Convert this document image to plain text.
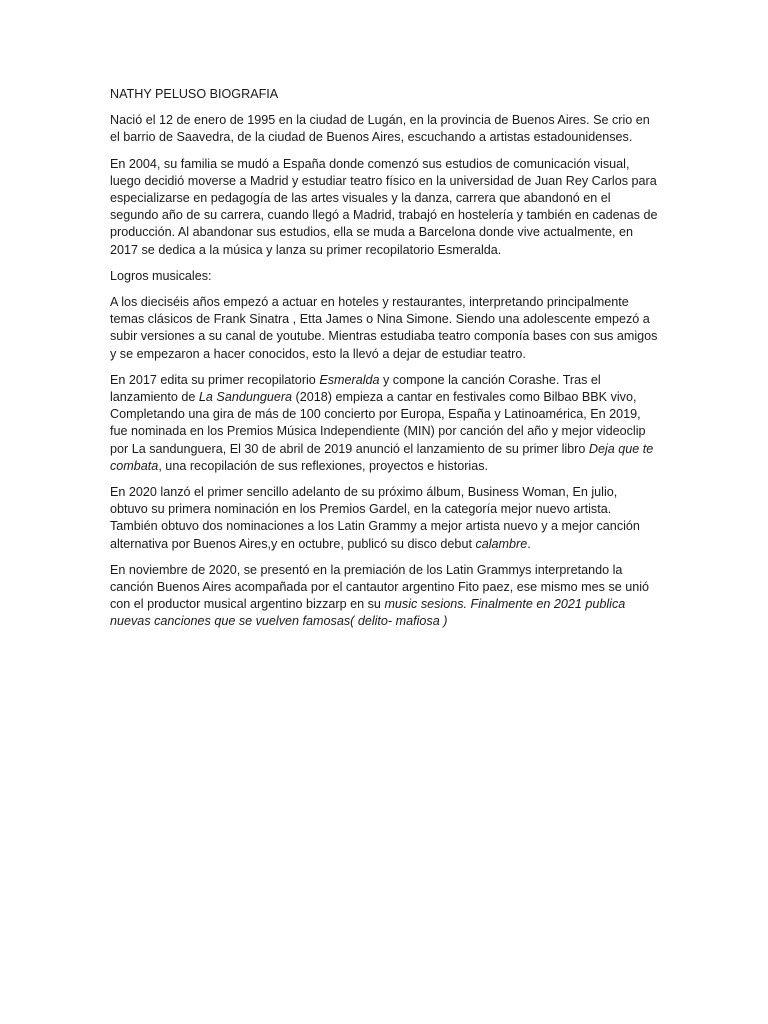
NATHY PELUSO BIOGRAFIA

Nació el 12 de enero de 1995 en la ciudad de Lugán, en la provincia de Buenos Aires. Se crio en el barrio de Saavedra, de la ciudad de Buenos Aires, escuchando a artistas estadounidenses.

En 2004, su familia se mudó a España donde comenzó sus estudios de comunicación visual, luego decidió moverse a Madrid y estudiar teatro físico en la universidad de Juan Rey Carlos para especializarse en pedagogía de las artes visuales y la danza, carrera que abandonó en el segundo año de su carrera, cuando llegó a Madrid, trabajó en hostelería y también en cadenas de producción. Al abandonar sus estudios, ella se muda a Barcelona donde vive actualmente, en 2017 se dedica a la música y lanza su primer recopilatorio Esmeralda.

Logros musicales:

A los dieciséis años empezó a actuar en hoteles y restaurantes, interpretando principalmente temas clásicos de Frank Sinatra , Etta James o Nina Simone. Siendo una adolescente empezó a subir versiones a su canal de youtube. Mientras estudiaba teatro componía bases con sus amigos y se empezaron a hacer conocidos, esto la llevó a dejar de estudiar teatro.

En 2017 edita su primer recopilatorio Esmeralda y compone la canción Corashe. Tras el lanzamiento de La Sandunguera (2018) empieza a cantar en festivales como Bilbao BBK vivo, Completando una gira de más de 100 concierto por Europa, España y Latinoamérica, En 2019, fue nominada en los Premios Música Independiente (MIN) por canción del año y mejor videoclip por La sandunguera, El 30 de abril de 2019 anunció el lanzamiento de su primer libro Deja que te combata, una recopilación de sus reflexiones, proyectos e historias.

En 2020 lanzó el primer sencillo adelanto de su próximo álbum, Business Woman, En julio, obtuvo su primera nominación en los Premios Gardel, en la categoría mejor nuevo artista. También obtuvo dos nominaciones a los Latin Grammy a mejor artista nuevo y a mejor canción alternativa por Buenos Aires,y en octubre, publicó su disco debut calambre.

En noviembre de 2020, se presentó en la premiación de los Latin Grammys interpretando la canción Buenos Aires acompañada por el cantautor argentino Fito paez, ese mismo mes se unió con el productor musical argentino bizzarp en su music sesions. Finalmente en 2021 publica nuevas canciones que se vuelven famosas( delito- mafiosa )
